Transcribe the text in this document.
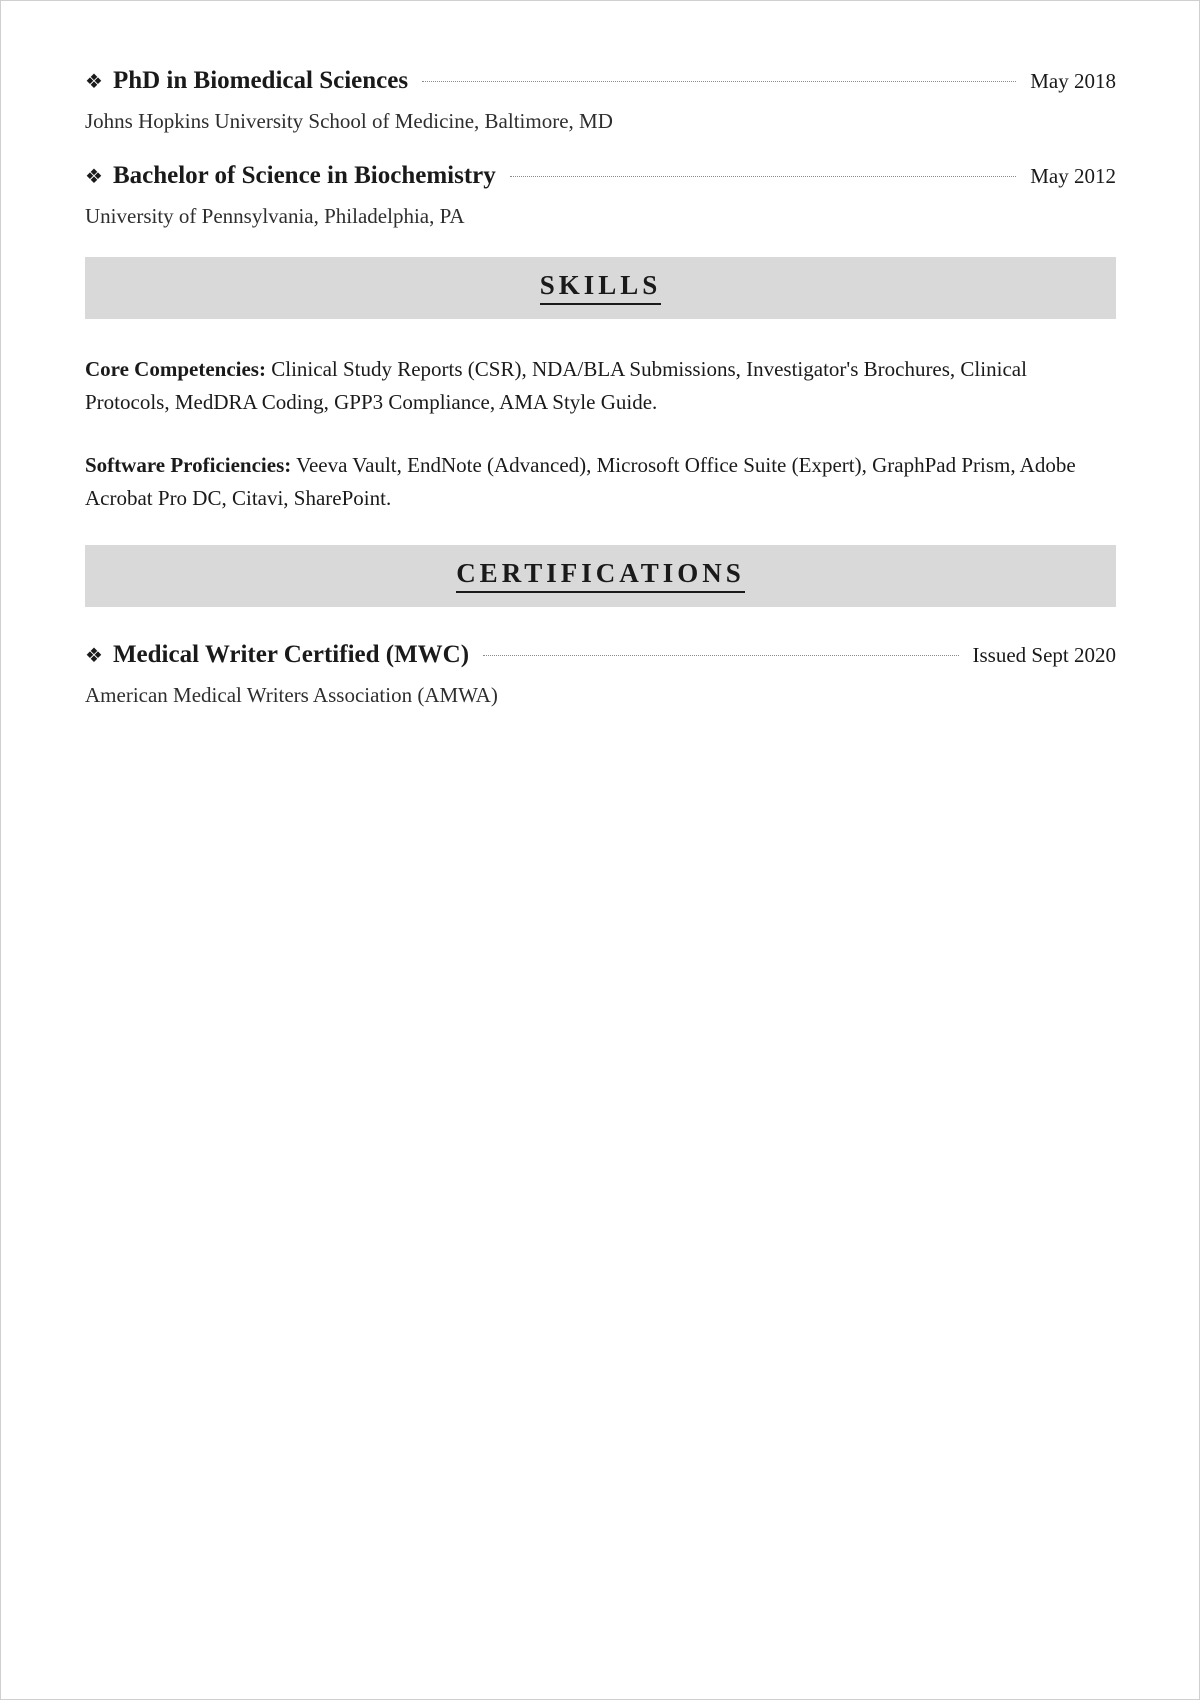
❖ PhD in Biomedical Sciences	May 2018
Johns Hopkins University School of Medicine, Baltimore, MD
❖ Bachelor of Science in Biochemistry	May 2012
University of Pennsylvania, Philadelphia, PA
SKILLS

Core Competencies: Clinical Study Reports (CSR), NDA/BLA Submissions, Investigator's Brochures, Clinical Protocols, MedDRA Coding, GPP3 Compliance, AMA Style Guide.

Software Proficiencies: Veeva Vault, EndNote (Advanced), Microsoft Office Suite (Expert), GraphPad Prism, Adobe Acrobat Pro DC, Citavi, SharePoint.

CERTIFICATIONS
❖ Medical Writer Certified (MWC)	Issued Sept 2020
American Medical Writers Association (AMWA)
